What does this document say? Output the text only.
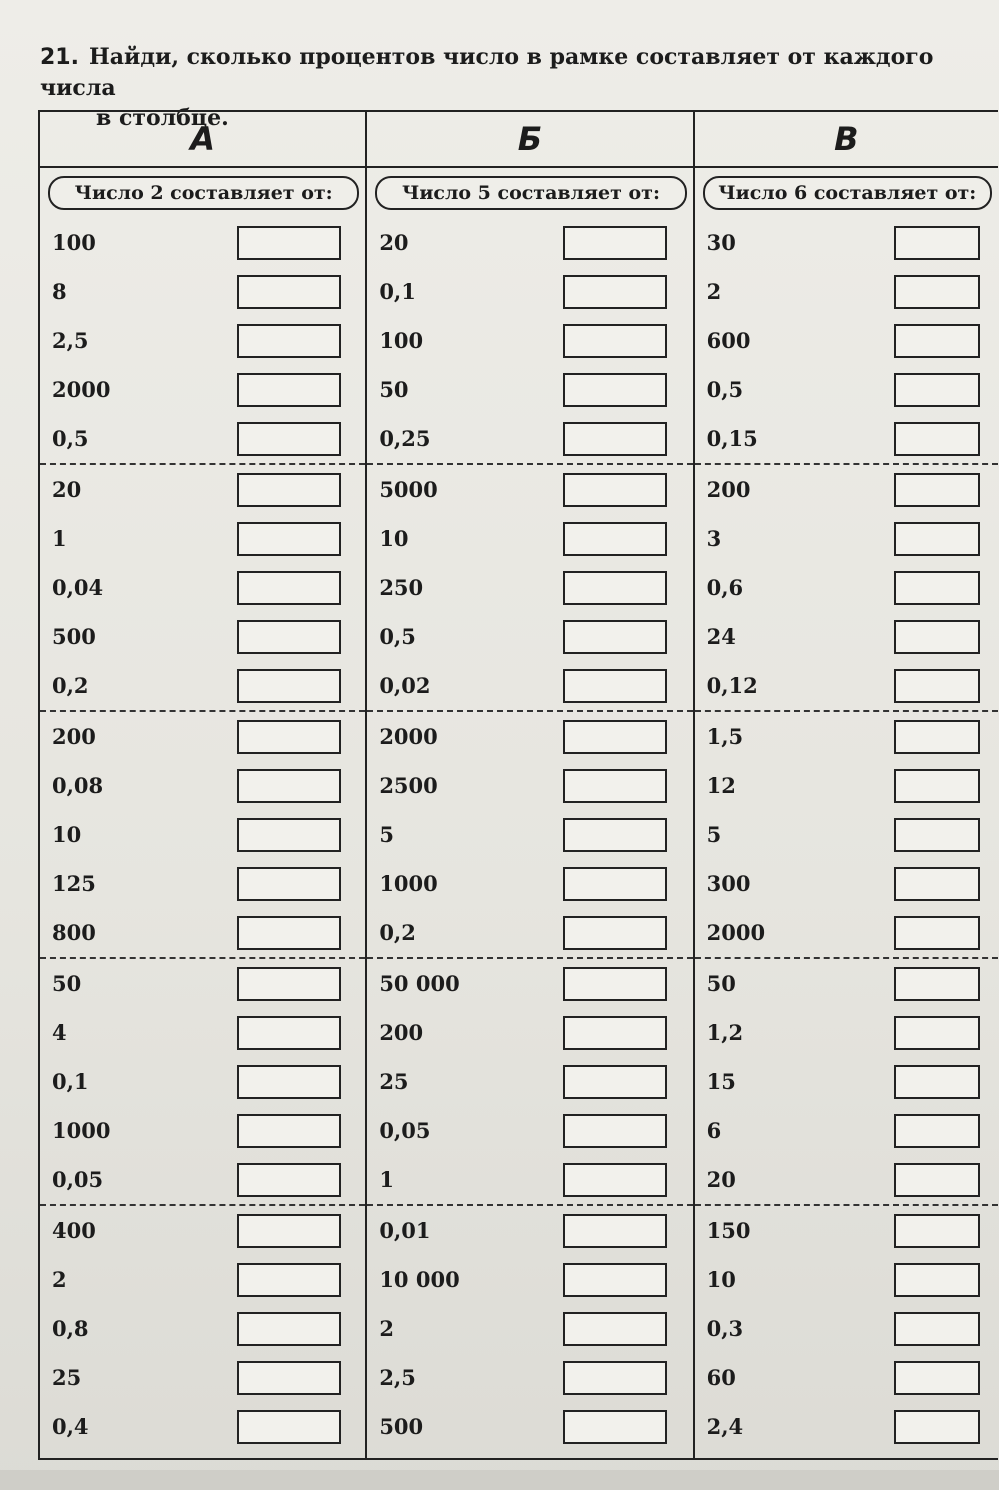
21. Найди, сколько процентов число в рамке составляет от каждого числа
в столбце.
А
Число 2 составляет от:
100
8
2,5
2000
0,5
20
1
0,04
500
0,2
200
0,08
10
125
800
50
4
0,1
1000
0,05
400
2
0,8
25
0,4
Б
Число 5 составляет от:
20
0,1
100
50
0,25
5000
10
250
0,5
0,02
2000
2500
5
1000
0,2
50 000
200
25
0,05
1
0,01
10 000
2
2,5
500
В
Число 6 составляет от:
30
2
600
0,5
0,15
200
3
0,6
24
0,12
1,5
12
5
300
2000
50
1,2
15
6
20
150
10
0,3
60
2,4
